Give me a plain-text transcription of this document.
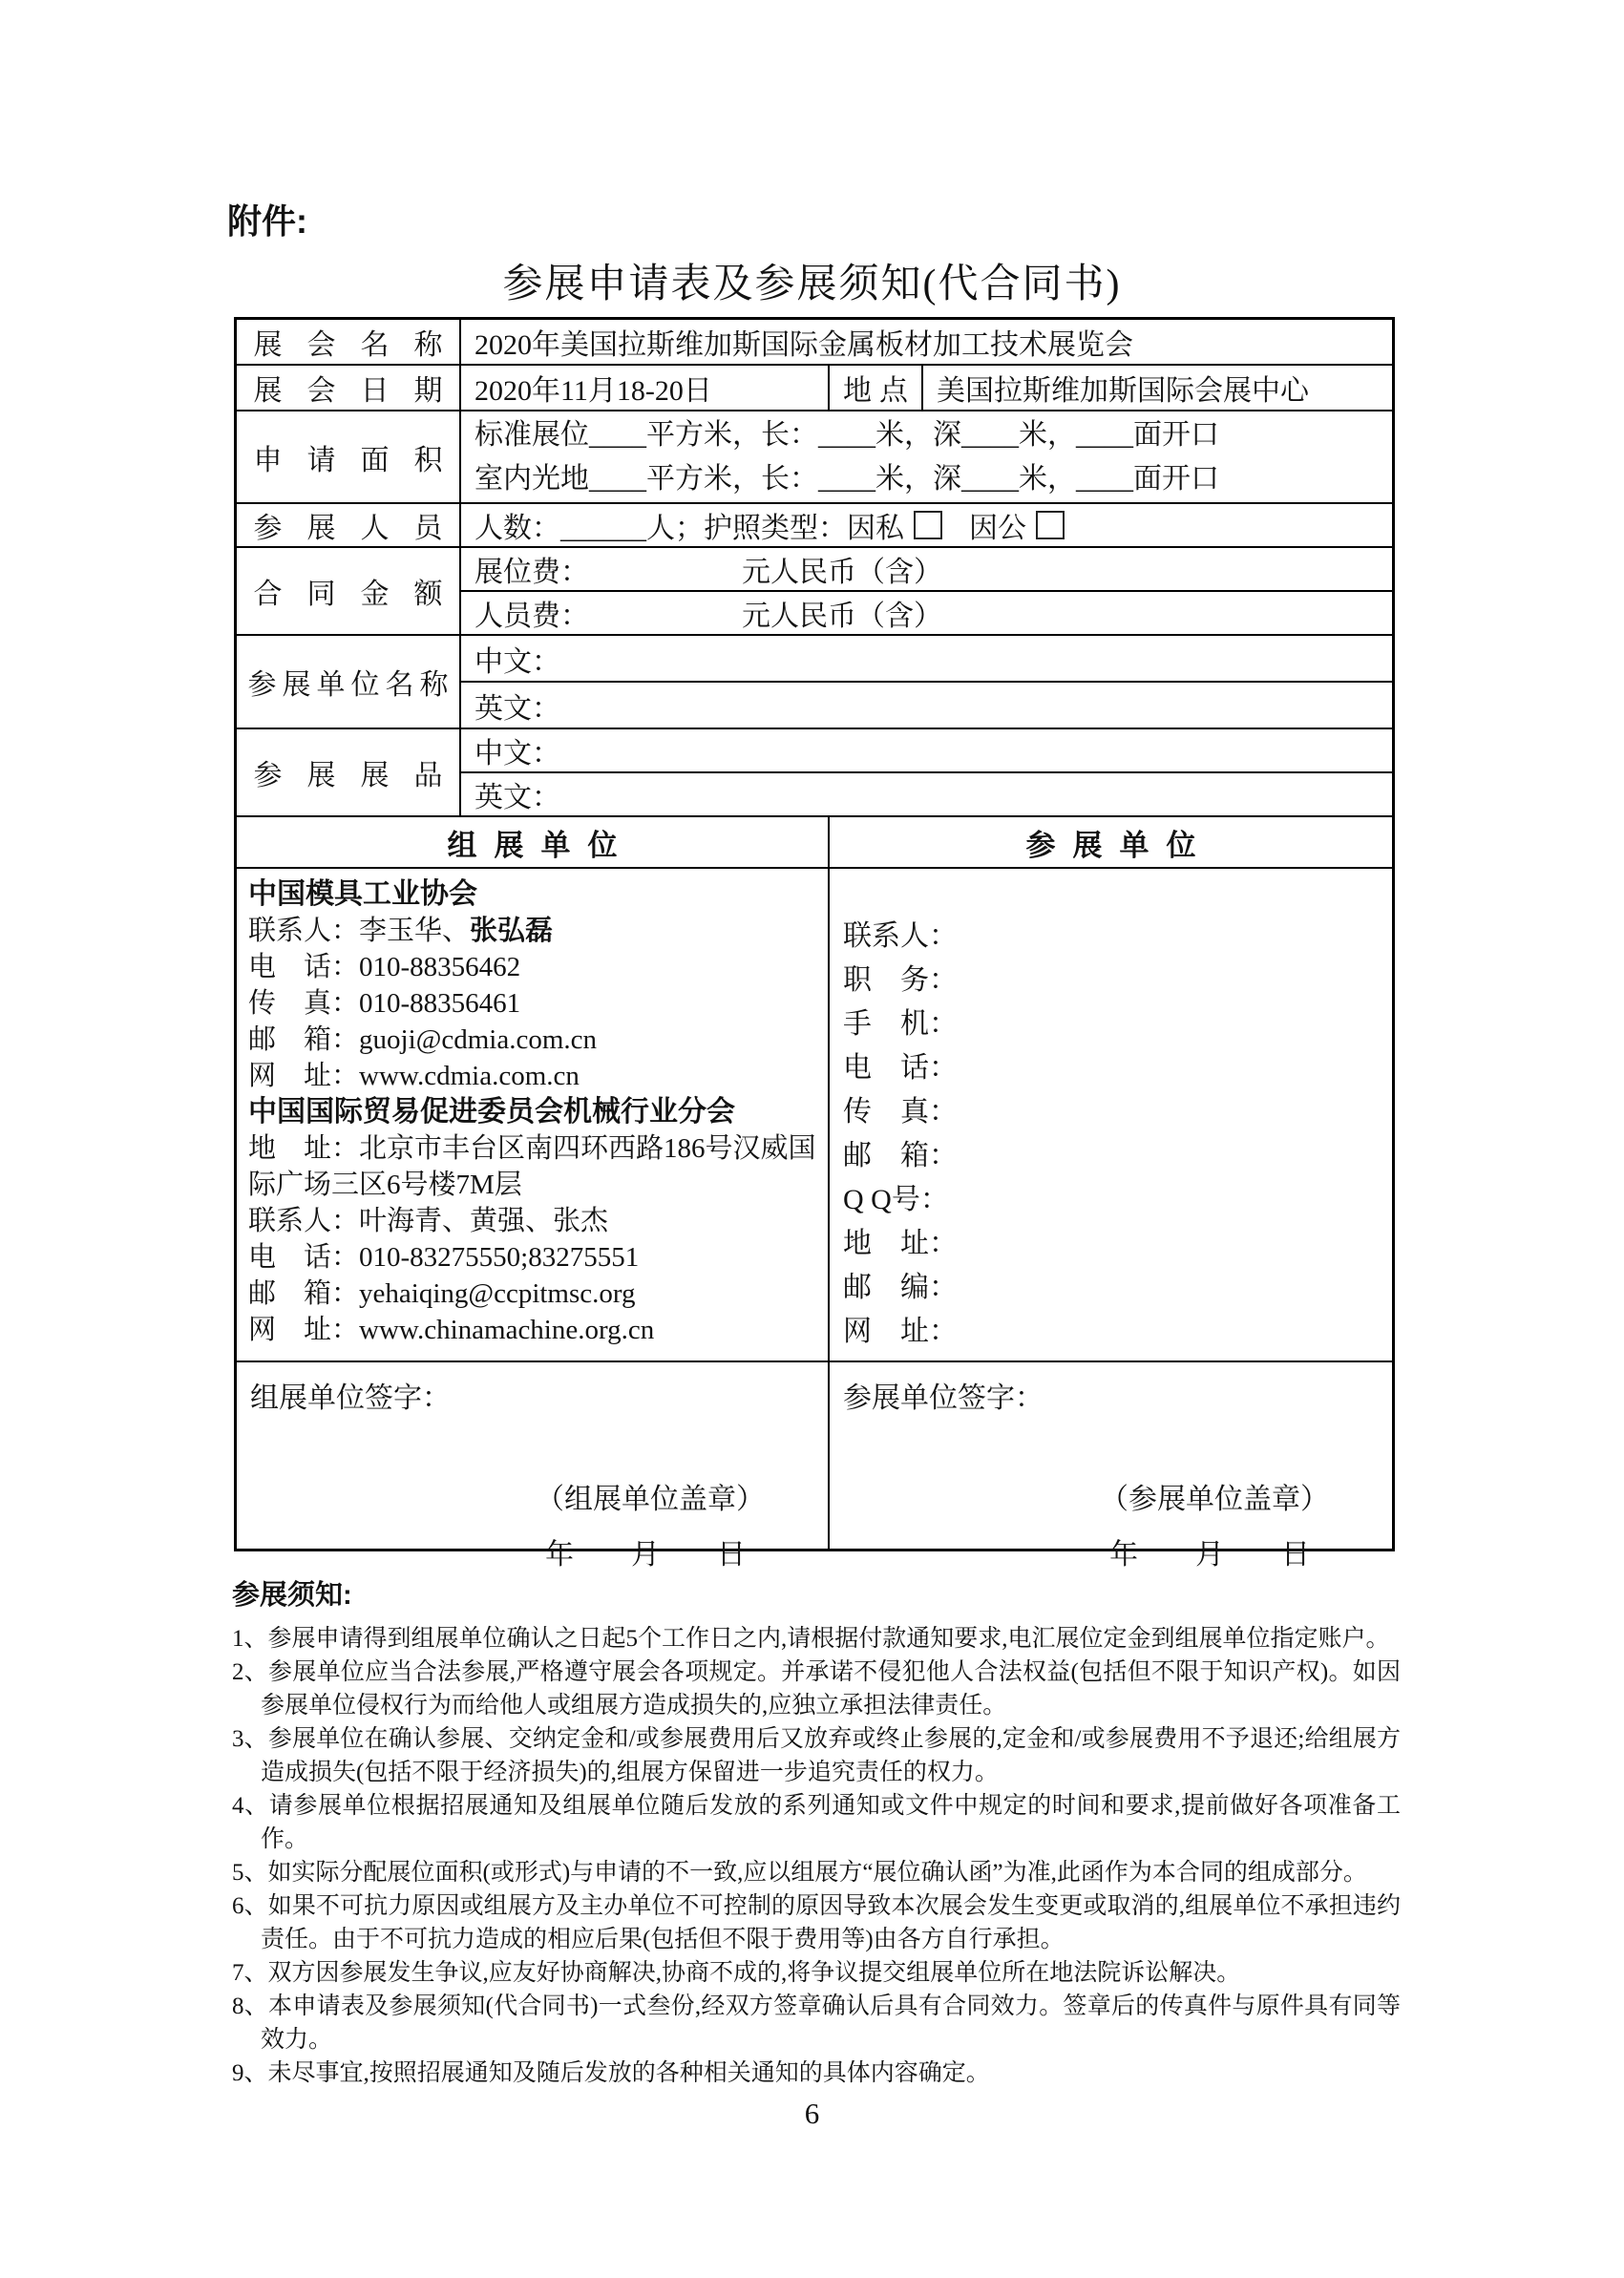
附件:
参展申请表及参展须知(代合同书)
展会名称 2020年美国拉斯维加斯国际金属板材加工技术展览会
展会日期 2020年11月18-20日	地点 美国拉斯维加斯国际会展中心
申请面积
标准展位____平方米，长：____米，深____米，____面开口
室内光地____平方米，长：____米，深____米，____面开口
参展人员 人数：______人；护照类型： 因私 因公
合同金额
展位费：	元人民币（含）
人员费：	元人民币（含）
参展单位名称
中文：
英文：
参展展品
中文：
英文：
组展单位	参展单位
中国模具工业协会
联系人：李玉华、张弘磊
电　话：010-88356462
传　真：010-88356461
邮　箱：guoji@cdmia.com.cn
网　址：www.cdmia.com.cn
中国国际贸易促进委员会机械行业分会
地　址：北京市丰台区南四环西路186号汉威国际广场三区6号楼7M层
联系人：叶海青、黄强、张杰
电　话：010-83275550;83275551
邮　箱：yehaiqing@ccpitmsc.org
网　址：www.chinamachine.org.cn
联系人：
职　务：
手　机：
电　话：
传　真：
邮　箱：
Q Q号：
地　址：
邮　编：
网　址：
组展单位签字：
（组展单位盖章）
年　　月　　日
参展单位签字：
（参展单位盖章）
年　　月　　日
参展须知:
1、参展申请得到组展单位确认之日起5个工作日之内,请根据付款通知要求,电汇展位定金到组展单位指定账户。
2、参展单位应当合法参展,严格遵守展会各项规定。并承诺不侵犯他人合法权益(包括但不限于知识产权)。如因参展单位侵权行为而给他人或组展方造成损失的,应独立承担法律责任。
3、参展单位在确认参展、交纳定金和/或参展费用后又放弃或终止参展的,定金和/或参展费用不予退还;给组展方造成损失(包括不限于经济损失)的,组展方保留进一步追究责任的权力。
4、请参展单位根据招展通知及组展单位随后发放的系列通知或文件中规定的时间和要求,提前做好各项准备工作。
5、如实际分配展位面积(或形式)与申请的不一致,应以组展方“展位确认函”为准,此函作为本合同的组成部分。
6、如果不可抗力原因或组展方及主办单位不可控制的原因导致本次展会发生变更或取消的,组展单位不承担违约责任。由于不可抗力造成的相应后果(包括但不限于费用等)由各方自行承担。
7、双方因参展发生争议,应友好协商解决,协商不成的,将争议提交组展单位所在地法院诉讼解决。
8、本申请表及参展须知(代合同书)一式叁份,经双方签章确认后具有合同效力。签章后的传真件与原件具有同等效力。
9、未尽事宜,按照招展通知及随后发放的各种相关通知的具体内容确定。
6
